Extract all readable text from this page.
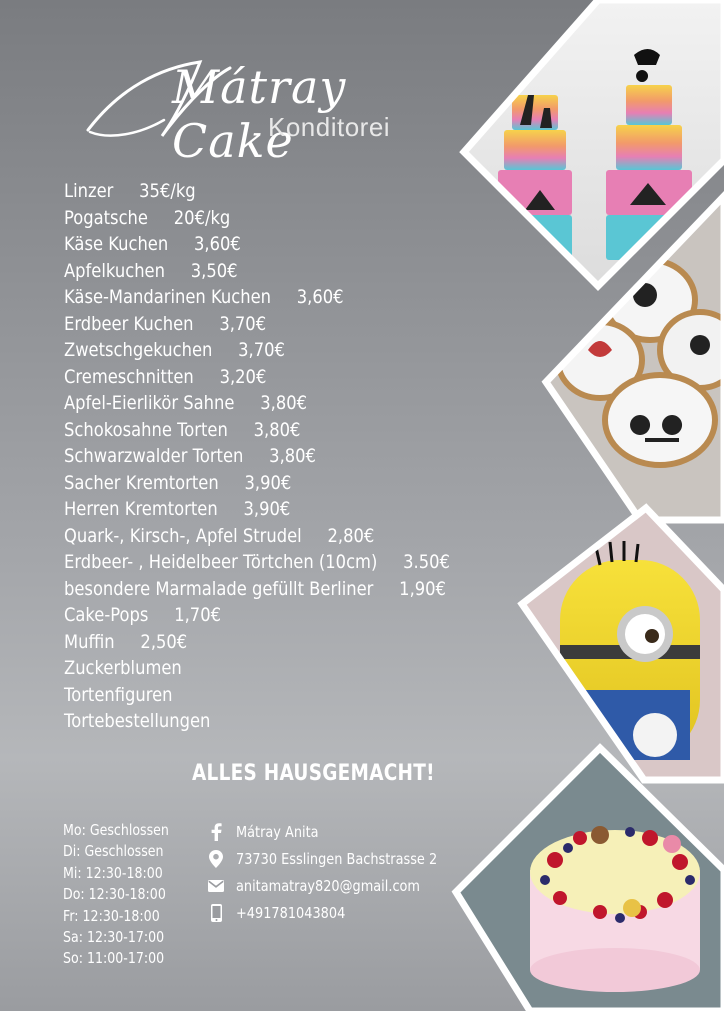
Mátray Cake
Konditorei
Linzer 35€/kg
Pogatsche 20€/kg
Käse Kuchen 3,60€
Apfelkuchen 3,50€
Käse-Mandarinen Kuchen 3,60€
Erdbeer Kuchen 3,70€
Zwetschgekuchen 3,70€
Cremeschnitten 3,20€
Apfel-Eierlikör Sahne 3,80€
Schokosahne Torten 3,80€
Schwarzwalder Torten 3,80€
Sacher Kremtorten 3,90€
Herren Kremtorten 3,90€
Quark-, Kirsch-, Apfel Strudel 2,80€
Erdbeer- , Heidelbeer Törtchen (10cm) 3.50€
besondere Marmalade gefüllt Berliner 1,90€
Cake-Pops 1,70€
Muffin 2,50€
Zuckerblumen
Tortenfiguren
Tortebestellungen
ALLES HAUSGEMACHT!
Mo: Geschlossen
Di: Geschlossen
Mi: 12:30-18:00
Do: 12:30-18:00
Fr: 12:30-18:00
Sa: 12:30-17:00
So: 11:00-17:00
Mátray Anita
73730 Esslingen Bachstrasse 2
anitamatray820@gmail.com
+491781043804
